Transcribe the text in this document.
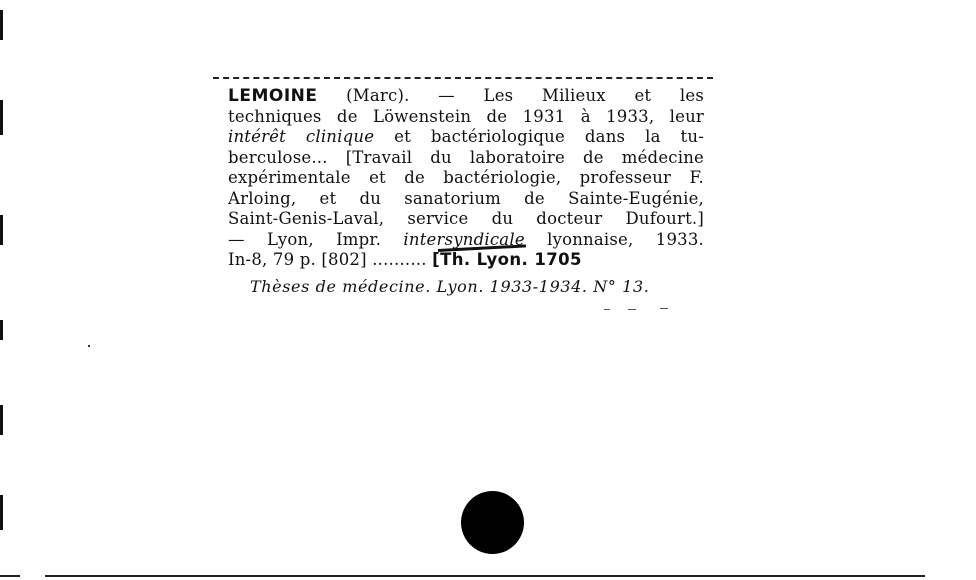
LEMOINE (Marc). — Les Milieux et les
techniques de Löwenstein de 1931 à 1933, leur
intérêt clinique et bactériologique dans la tu-
berculose... [Travail du laboratoire de médecine
expérimentale et de bactériologie, professeur F.
Arloing, et du sanatorium de Sainte-Eugénie,
Saint-Genis-Laval, service du docteur Dufourt.]
— Lyon, Impr. intersyndicale lyonnaise, 1933.
In-8, 79 p. [802] .......... [Th. Lyon. 1705
Thèses de médecine. Lyon. 1933-1934. N° 13.
